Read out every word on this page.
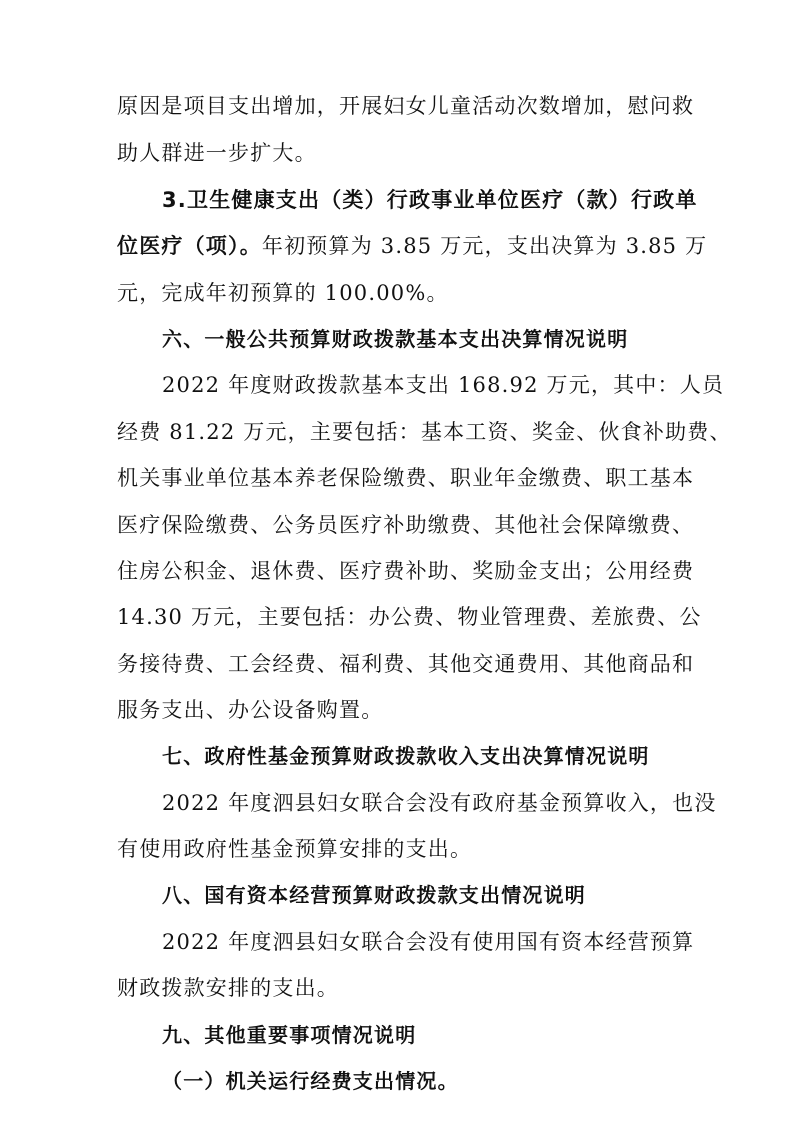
原因是项目支出增加，开展妇女儿童活动次数增加，慰问救
助人群进一步扩大。
3.卫生健康支出（类）行政事业单位医疗（款）行政单
位医疗（项）。年初预算为 3.85 万元，支出决算为 3.85 万
元，完成年初预算的 100.00%。
六、一般公共预算财政拨款基本支出决算情况说明
2022 年度财政拨款基本支出 168.92 万元，其中：人员
经费 81.22 万元，主要包括：基本工资、奖金、伙食补助费、
机关事业单位基本养老保险缴费、职业年金缴费、职工基本
医疗保险缴费、公务员医疗补助缴费、其他社会保障缴费、
住房公积金、退休费、医疗费补助、奖励金支出；公用经费
14.30 万元，主要包括：办公费、物业管理费、差旅费、公
务接待费、工会经费、福利费、其他交通费用、其他商品和
服务支出、办公设备购置。
七、政府性基金预算财政拨款收入支出决算情况说明
2022 年度泗县妇女联合会没有政府基金预算收入，也没
有使用政府性基金预算安排的支出。
八、国有资本经营预算财政拨款支出情况说明
2022 年度泗县妇女联合会没有使用国有资本经营预算
财政拨款安排的支出。
九、其他重要事项情况说明
（一）机关运行经费支出情况。
